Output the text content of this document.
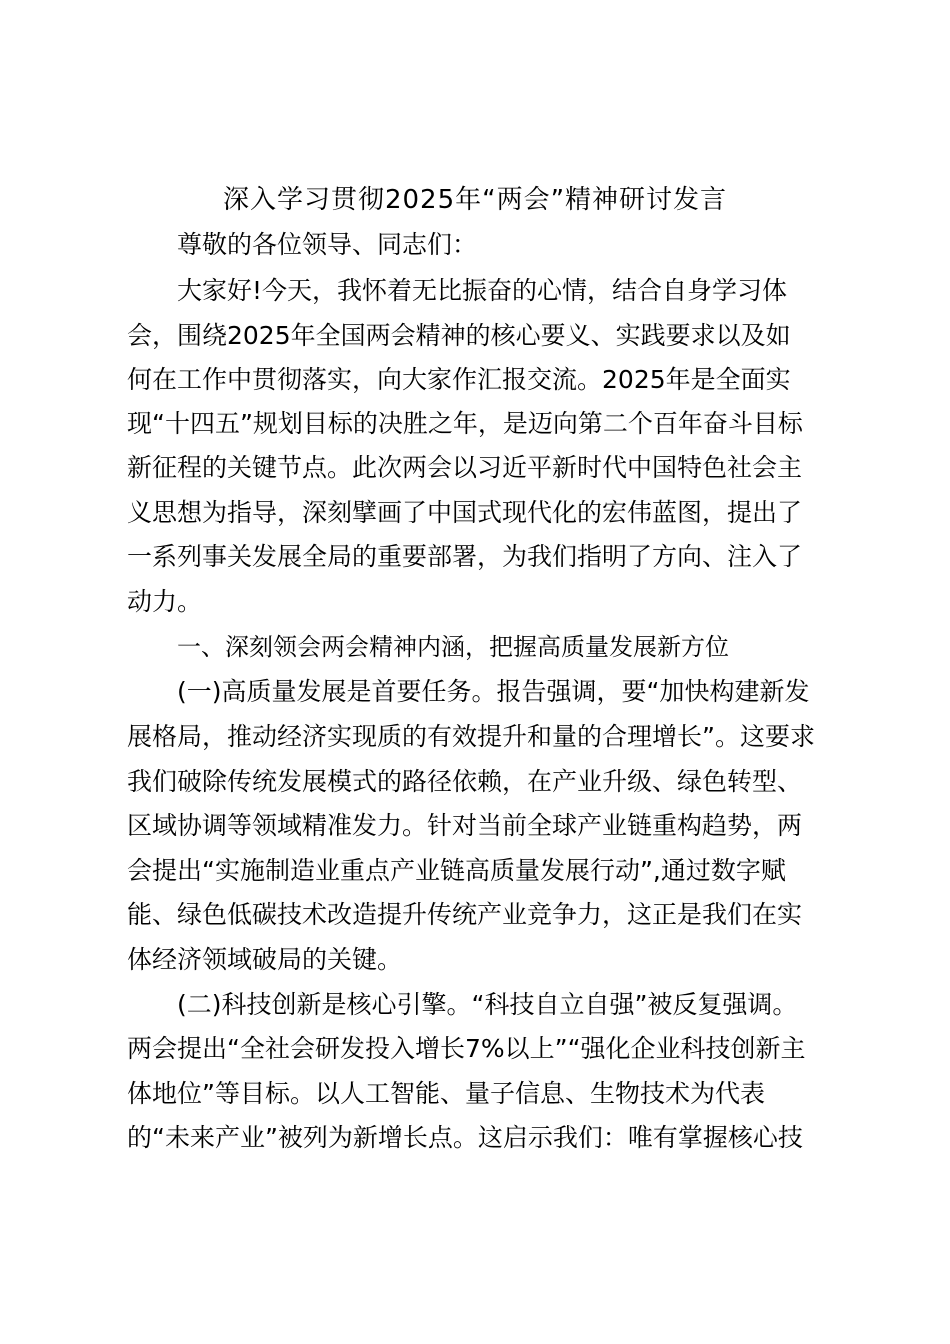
深入学习贯彻2025年“两会”精神研讨发言
尊敬的各位领导、同志们：
大家好!今天，我怀着无比振奋的心情，结合自身学习体
会，围绕2025年全国两会精神的核心要义、实践要求以及如
何在工作中贯彻落实，向大家作汇报交流。2025年是全面实
现“十四五”规划目标的决胜之年，是迈向第二个百年奋斗目标
新征程的关键节点。此次两会以习近平新时代中国特色社会主
义思想为指导，深刻擘画了中国式现代化的宏伟蓝图，提出了
一系列事关发展全局的重要部署，为我们指明了方向、注入了
动力。
一、深刻领会两会精神内涵，把握高质量发展新方位
(一)高质量发展是首要任务。报告强调，要“加快构建新发
展格局，推动经济实现质的有效提升和量的合理增长”。这要求
我们破除传统发展模式的路径依赖，在产业升级、绿色转型、
区域协调等领域精准发力。针对当前全球产业链重构趋势，两
会提出“实施制造业重点产业链高质量发展行动”,通过数字赋
能、绿色低碳技术改造提升传统产业竞争力，这正是我们在实
体经济领域破局的关键。
(二)科技创新是核心引擎。“科技自立自强”被反复强调。
两会提出“全社会研发投入增长7%以上”“强化企业科技创新主
体地位”等目标。以人工智能、量子信息、生物技术为代表
的“未来产业”被列为新增长点。这启示我们：唯有掌握核心技
